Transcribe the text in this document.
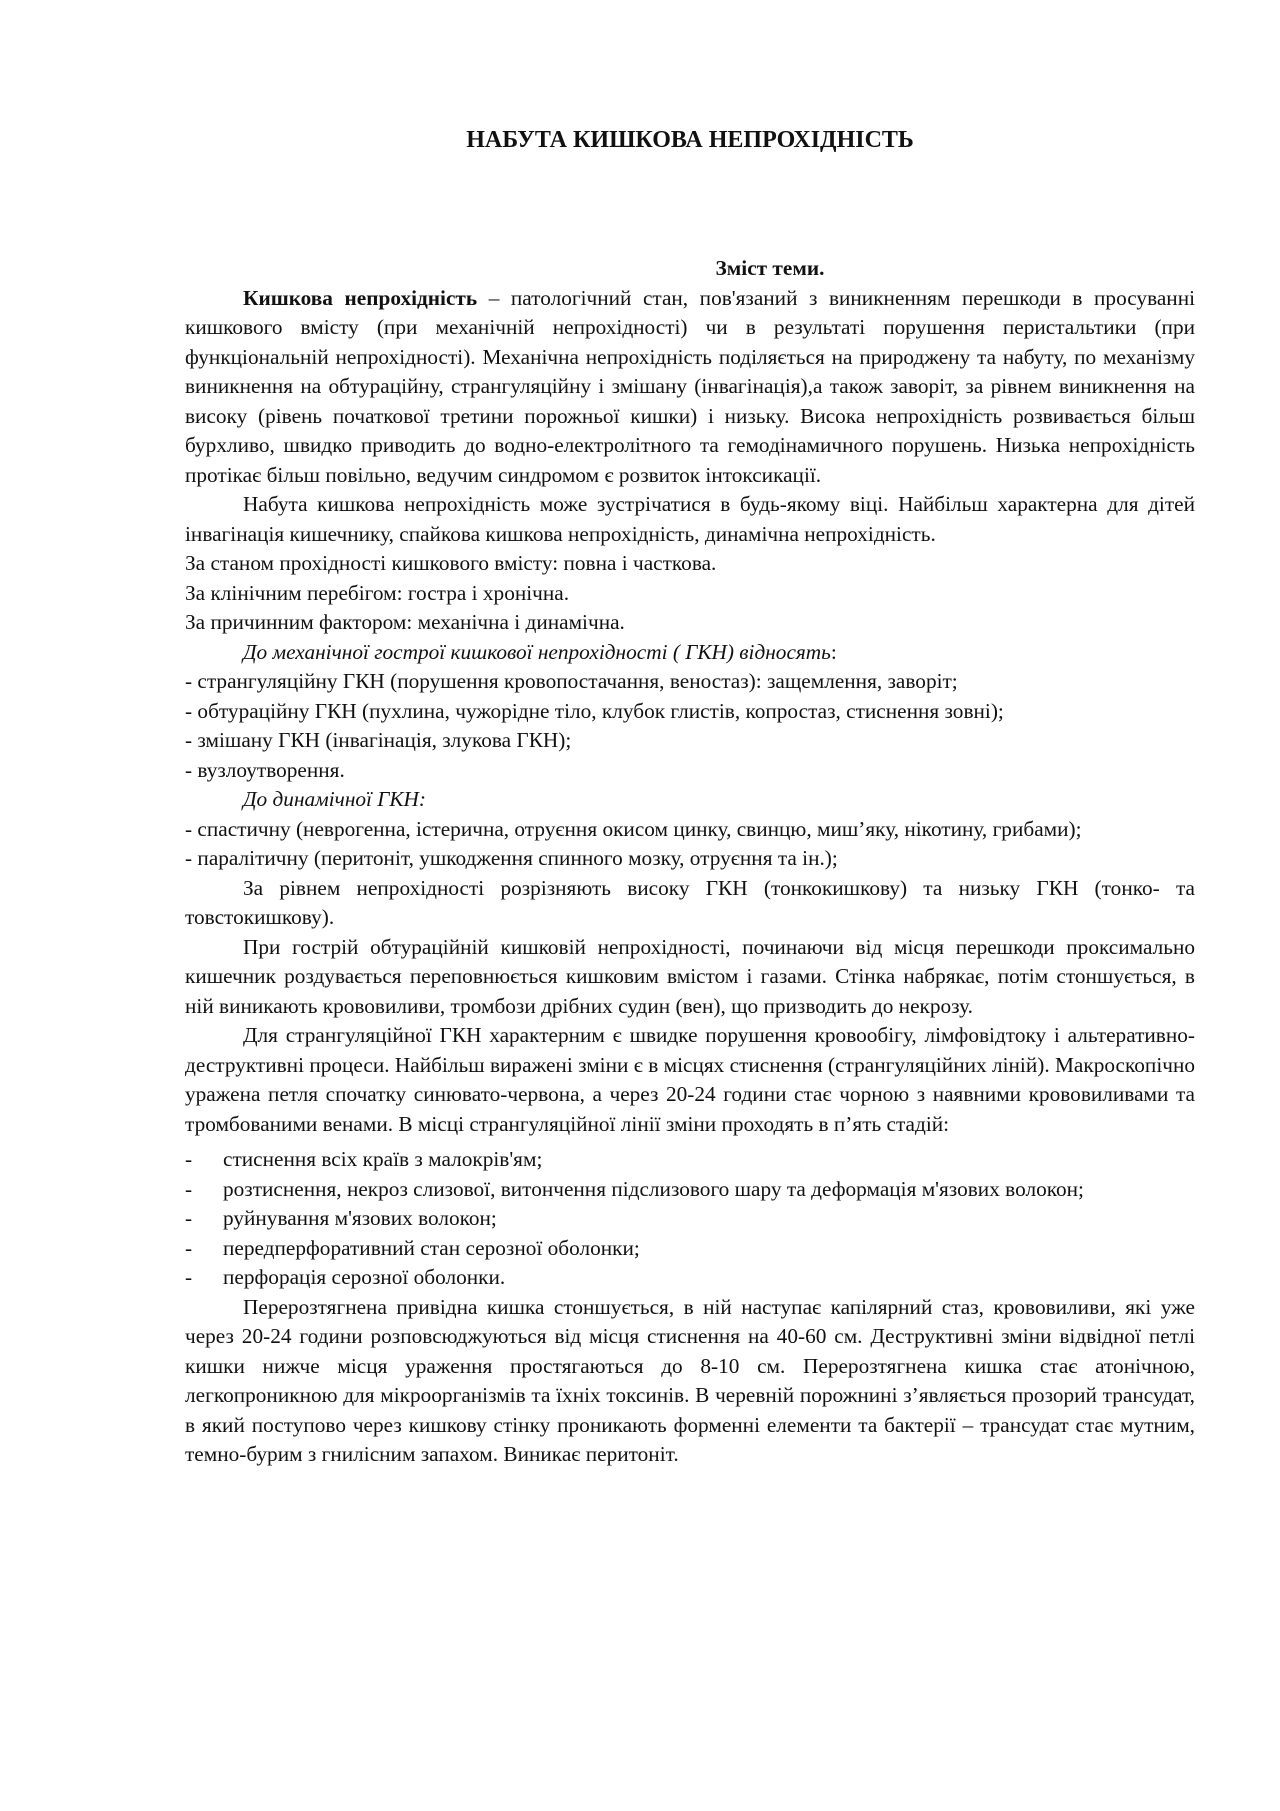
НАБУТА КИШКОВА НЕПРОХІДНІСТЬ

Зміст теми.

Кишкова непрохідність – патологічний стан, пов'язаний з виникненням перешкоди в просуванні кишкового вмісту (при механічній непрохідності) чи в результаті порушення перистальтики (при функціональній непрохідності). Механічна непрохідність поділяється на природжену та набуту, по механізму виникнення на обтураційну, странгуляційну і змішану (інвагінація),а також заворіт, за рівнем виникнення на високу (рівень початкової третини порожньої кишки) і низьку. Висока непрохідність розвивається більш бурхливо, швидко приводить до водно-електролітного та гемодінамичного порушень. Низька непрохідність протікає більш повільно, ведучим синдромом є розвиток інтоксикації.

Набута кишкова непрохідність може зустрічатися в будь-якому віці. Найбільш характерна для дітей інвагінація кишечнику, спайкова кишкова непрохідність, динамічна непрохідність.

За станом прохідності кишкового вмісту: повна і часткова.

За клінічним перебігом: гостра і хронічна.

За причинним фактором: механічна і динамічна.

До механічної гострої кишкової непрохідності ( ГКН) відносять:

- странгуляційну ГКН (порушення кровопостачання, веностаз): защемлення, заворіт;

- обтураційну ГКН (пухлина, чужорідне тіло, клубок глистів, копростаз, стиснення зовні);

- змішану ГКН (інвагінація, злукова ГКН);

- вузлоутворення.

До динамічної ГКН:

- спастичну (неврогенна, істерична, отруєння окисом цинку, свинцю, миш’яку, нікотину, грибами);

- паралітичну (перитоніт, ушкодження спинного мозку, отруєння та ін.);

За рівнем непрохідності розрізняють високу ГКН (тонкокишкову) та низьку ГКН (тонко- та товстокишкову).

При гострій обтураційній кишковій непрохідності, починаючи від місця перешкоди проксимально кишечник роздувається переповнюється кишковим вмістом і газами. Стінка набрякає, потім стоншується, в ній виникають крововиливи, тромбози дрібних судин (вен), що призводить до некрозу.

Для странгуляційної ГКН характерним є швидке порушення кровообігу, лімфовідтоку і альтеративно-деструктивні процеси. Найбільш виражені зміни є в місцях стиснення (странгуляційних ліній). Макроскопічно уражена петля спочатку синювато-червона, а через 20-24 години стає чорною з наявними крововиливами та тромбованими венами. В місці странгуляційної лінії зміни проходять в п’ять стадій:

-	стиснення всіх країв з малокрів'ям;
-	розтиснення, некроз слизової, витончення підслизового шару та деформація м'язових волокон;
-	руйнування м'язових волокон;
-	передперфоративний стан серозної оболонки;
-	перфорація серозної оболонки.

Перерозтягнена привідна кишка стоншується, в ній наступає капілярний стаз, крововиливи, які уже через 20-24 години розповсюджуються від місця стиснення на 40-60 см. Деструктивні зміни відвідної петлі кишки нижче місця ураження простягаються до 8-10 см. Перерозтягнена кишка стає атонічною, легкопроникною для мікроорганізмів та їхніх токсинів. В черевній порожнині з’являється прозорий трансудат, в який поступово через кишкову стінку проникають форменні елементи та бактерії – трансудат стає мутним, темно-бурим з гнилісним запахом. Виникає перитоніт.
